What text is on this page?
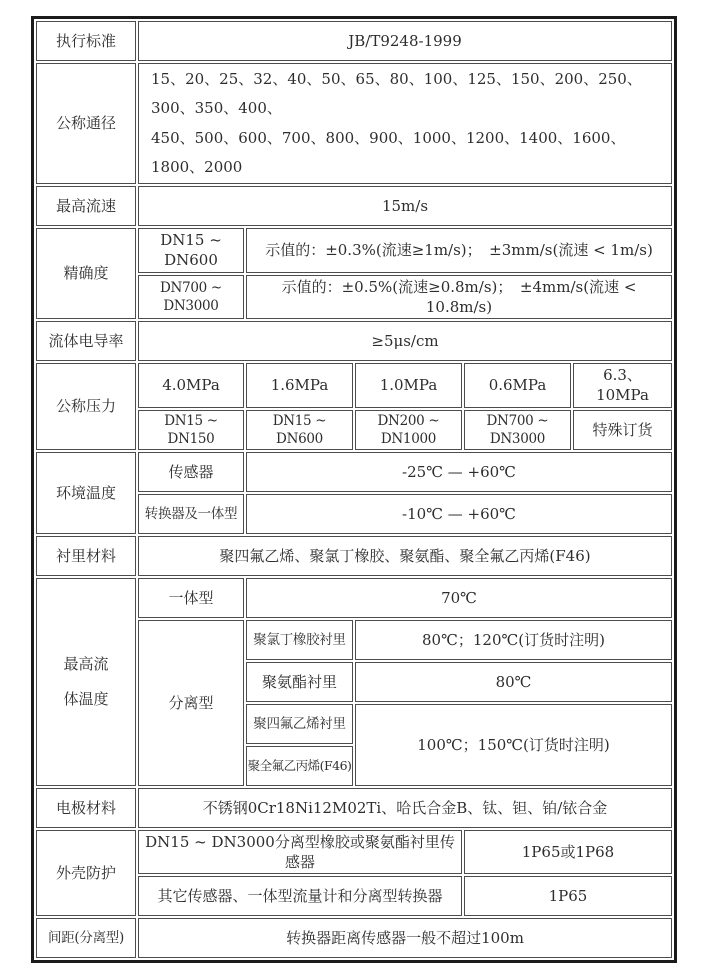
执行标准	JB/T9248-1999				
公称通径	15、20、25、32、40、50、65、80、100、125、150、200、250、300、350、400、
450、500、600、700、800、900、1000、1200、1400、1600、1800、2000				

最高流速	15m/s				
精确度	DN15 ~ DN600	示值的：±0.3%(流速≥1m/s)；　±3mm/s(流速 < 1m/s)			
	DN700 ~ DN3000	示值的：±0.5%(流速≥0.8m/s)；　±4mm/s(流速 < 10.8m/s)			
流体电导率	≥5μs/cm				
公称压力	4.0MPa	1.6MPa	1.0MPa	0.6MPa	6.3、10MPa
	DN15 ~ DN150	DN15 ~ DN600	DN200 ~ DN1000	DN700 ~ DN3000	特殊订货
环境温度	传感器	-25℃ — +60℃			
	转换器及一体型	-10℃ — +60℃			
衬里材料	聚四氟乙烯、聚氯丁橡胶、聚氨酯、聚全氟乙丙烯(F46)				
最高流体温度	一体型	70℃			
	分离型	聚氯丁橡胶衬里	80℃；120℃(订货时注明)		
		聚氨酯衬里	80℃		
		聚四氟乙烯衬里	100℃；150℃(订货时注明)		
		聚全氟乙丙烯(F46)			
电极材料	不锈钢0Cr18Ni12M02Ti、哈氏合金B、钛、钽、铂/铱合金				
外壳防护	DN15 ~ DN3000分离型橡胶或聚氨酯衬里传感器			1P65或1P68	
	其它传感器、一体型流量计和分离型转换器			1P65	
间距(分离型)	转换器距离传感器一般不超过100m				
